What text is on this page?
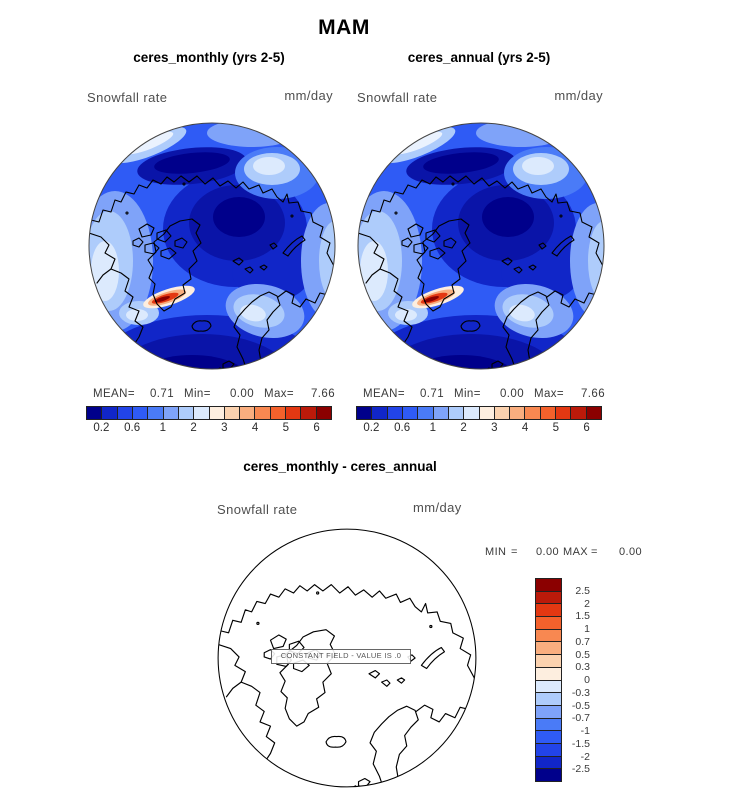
MAM
ceres_monthly (yrs 2-5)
Snowfall rate	mm/day
MEAN=	0.71 Min=	0.00 Max=	7.66
0.2	0.6	1	2	3	4	5	6
ceres_annual (yrs 2-5)
Snowfall rate	mm/day
MEAN=	0.71 Min=	0.00 Max=	7.66
0.2	0.6	1	2	3	4	5	6
ceres_monthly - ceres_annual
Snowfall rate	mm/day
CONSTANT FIELD - VALUE IS .0
MIN =	0.00 MAX =	0.00
2.5
2
1.5
1
0.7
0.5
0.3
0
-0.3
-0.5
-0.7
-1
-1.5
-2
-2.5
